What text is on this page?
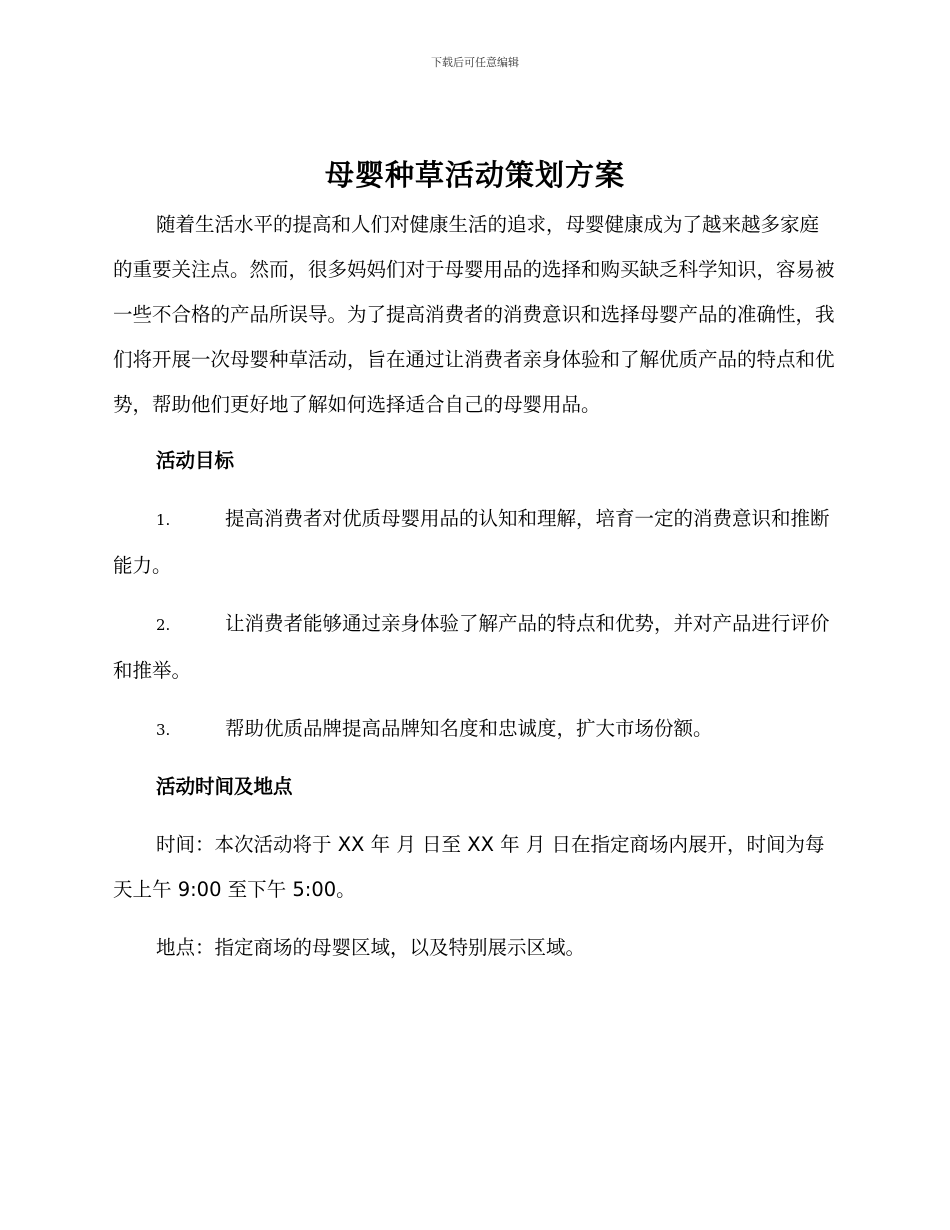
下载后可任意编辑
母婴种草活动策划方案

随着生活水平的提高和人们对健康生活的追求，母婴健康成为了越来越多家庭的重要关注点。然而，很多妈妈们对于母婴用品的选择和购买缺乏科学知识，容易被一些不合格的产品所误导。为了提高消费者的消费意识和选择母婴产品的准确性，我们将开展一次母婴种草活动，旨在通过让消费者亲身体验和了解优质产品的特点和优势，帮助他们更好地了解如何选择适合自己的母婴用品。

活动目标

1.	提高消费者对优质母婴用品的认知和理解，培育一定的消费意识和推断能力。

2.	让消费者能够通过亲身体验了解产品的特点和优势，并对产品进行评价和推举。

3.	帮助优质品牌提高品牌知名度和忠诚度，扩大市场份额。

活动时间及地点

时间：本次活动将于 XX 年 月 日至 XX 年 月 日在指定商场内展开，时间为每天上午 9:00 至下午 5:00。

地点：指定商场的母婴区域，以及特别展示区域。
